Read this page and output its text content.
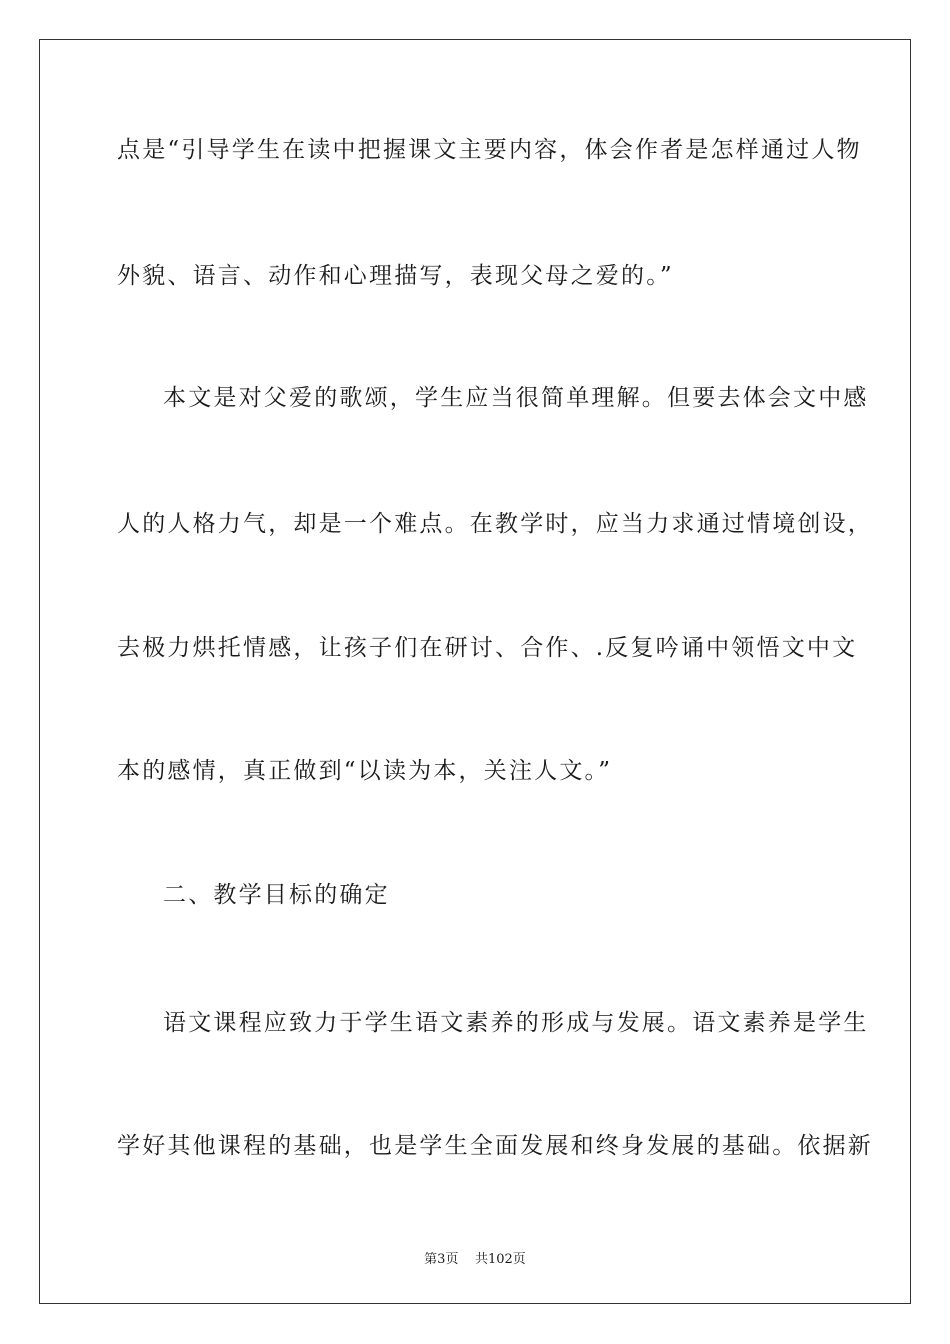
点是“引导学生在读中把握课文主要内容，体会作者是怎样通过人物
外貌、语言、动作和心理描写，表现父母之爱的。”
本文是对父爱的歌颂，学生应当很简单理解。但要去体会文中感
人的人格力气，却是一个难点。在教学时，应当力求通过情境创设，
去极力烘托情感，让孩子们在研讨、合作、.反复吟诵中领悟文中文
本的感情，真正做到“以读为本，关注人文。”
二、教学目标的确定
语文课程应致力于学生语文素养的形成与发展。语文素养是学生
学好其他课程的基础，也是学生全面发展和终身发展的基础。依据新
第3页 共102页
